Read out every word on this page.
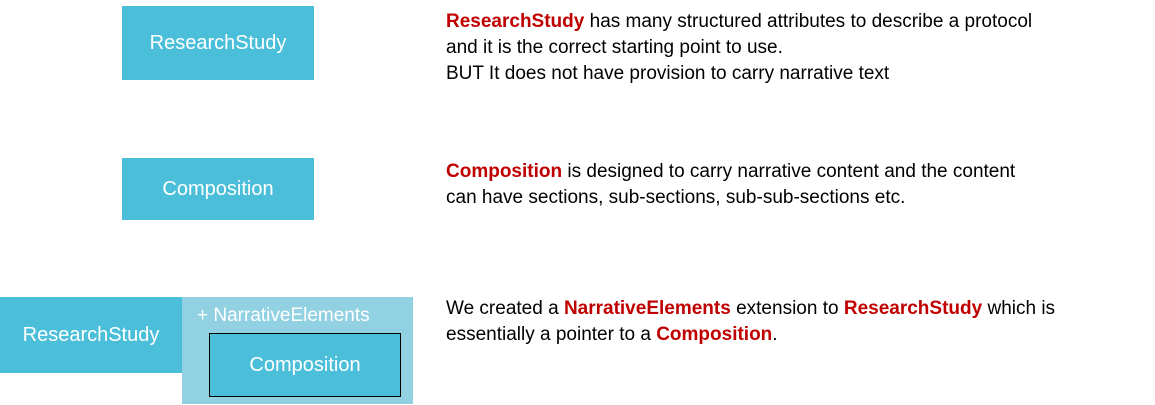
ResearchStudy

ResearchStudy has many structured attributes to describe a protocol

and it is the correct starting point to use.

BUT It does not have provision to carry narrative text

Composition

Composition is designed to carry narrative content and the content

can have sections, sub-sections, sub-sub-sections etc.

ResearchStudy
+ NarrativeElements
Composition

We created a NarrativeElements extension to ResearchStudy which is

essentially a pointer to a Composition.
